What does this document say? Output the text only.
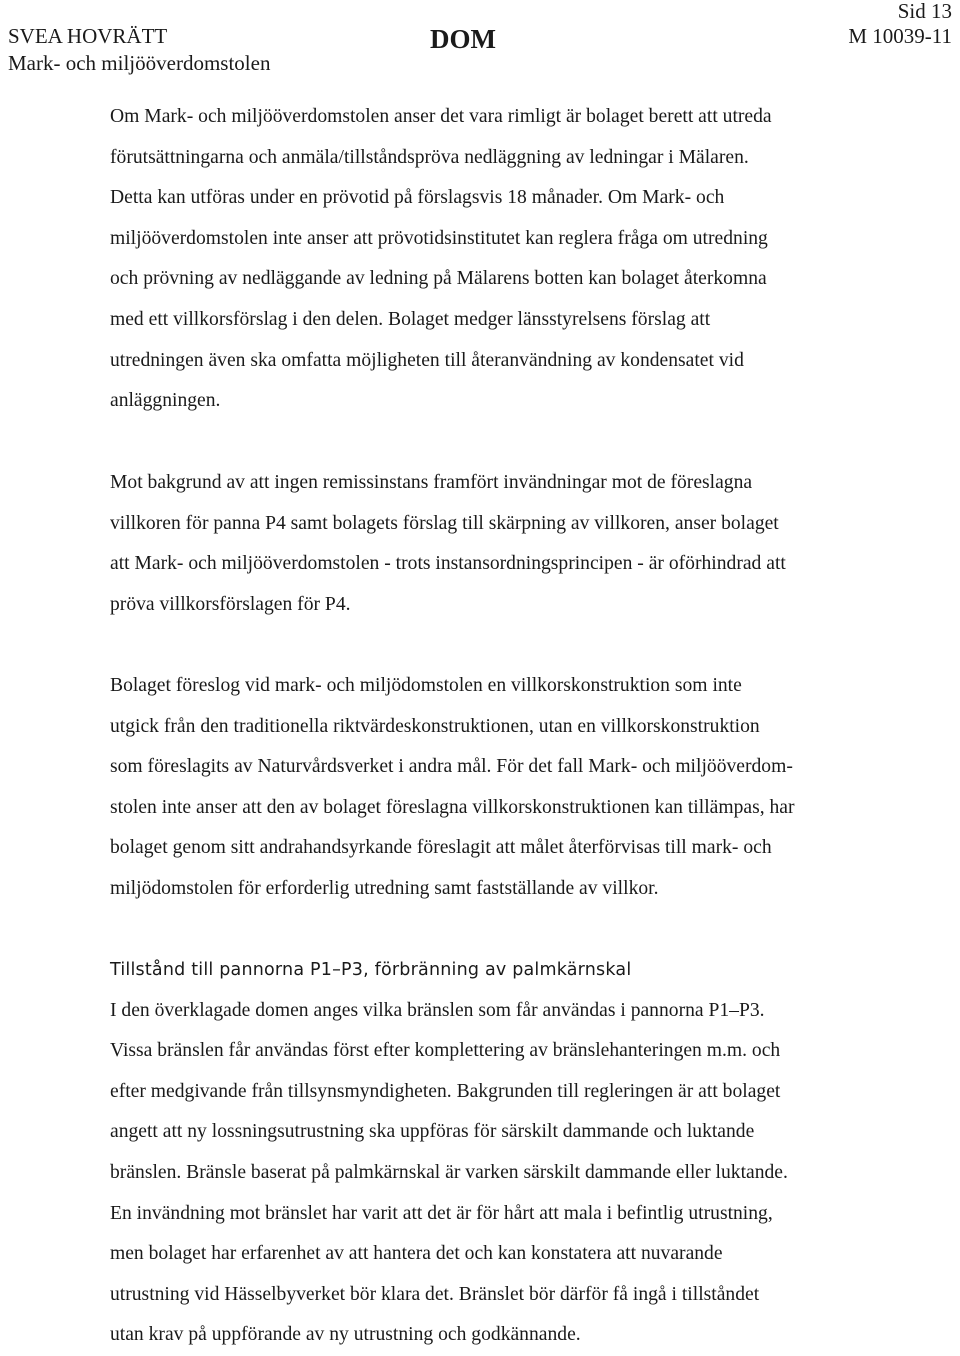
SVEA HOVRÄTT
Mark- och miljööverdomstolen
DOM
Sid 13
M 10039-11
Om Mark- och miljööverdomstolen anser det vara rimligt är bolaget berett att utreda
förutsättningarna och anmäla/tillståndspröva nedläggning av ledningar i Mälaren.
Detta kan utföras under en prövotid på förslagsvis 18 månader. Om Mark- och
miljööverdomstolen inte anser att prövotidsinstitutet kan reglera fråga om utredning
och prövning av nedläggande av ledning på Mälarens botten kan bolaget återkomna
med ett villkorsförslag i den delen. Bolaget medger länsstyrelsens förslag att
utredningen även ska omfatta möjligheten till återanvändning av kondensatet vid
anläggningen.
Mot bakgrund av att ingen remissinstans framfört invändningar mot de föreslagna
villkoren för panna P4 samt bolagets förslag till skärpning av villkoren, anser bolaget
att Mark- och miljööverdomstolen - trots instansordningsprincipen - är oförhindrad att
pröva villkorsförslagen för P4.
Bolaget föreslog vid mark- och miljödomstolen en villkorskonstruktion som inte
utgick från den traditionella riktvärdeskonstruktionen, utan en villkorskonstruktion
som föreslagits av Naturvårdsverket i andra mål. För det fall Mark- och miljööverdom-
stolen inte anser att den av bolaget föreslagna villkorskonstruktionen kan tillämpas, har
bolaget genom sitt andrahandsyrkande föreslagit att målet återförvisas till mark- och
miljödomstolen för erforderlig utredning samt fastställande av villkor.
Tillstånd till pannorna P1–P3, förbränning av palmkärnskal
I den överklagade domen anges vilka bränslen som får användas i pannorna P1–P3.
Vissa bränslen får användas först efter komplettering av bränslehanteringen m.m. och
efter medgivande från tillsynsmyndigheten. Bakgrunden till regleringen är att bolaget
angett att ny lossningsutrustning ska uppföras för särskilt dammande och luktande
bränslen. Bränsle baserat på palmkärnskal är varken särskilt dammande eller luktande.
En invändning mot bränslet har varit att det är för hårt att mala i befintlig utrustning,
men bolaget har erfarenhet av att hantera det och kan konstatera att nuvarande
utrustning vid Hässelbyverket bör klara det. Bränslet bör därför få ingå i tillståndet
utan krav på uppförande av ny utrustning och godkännande.
